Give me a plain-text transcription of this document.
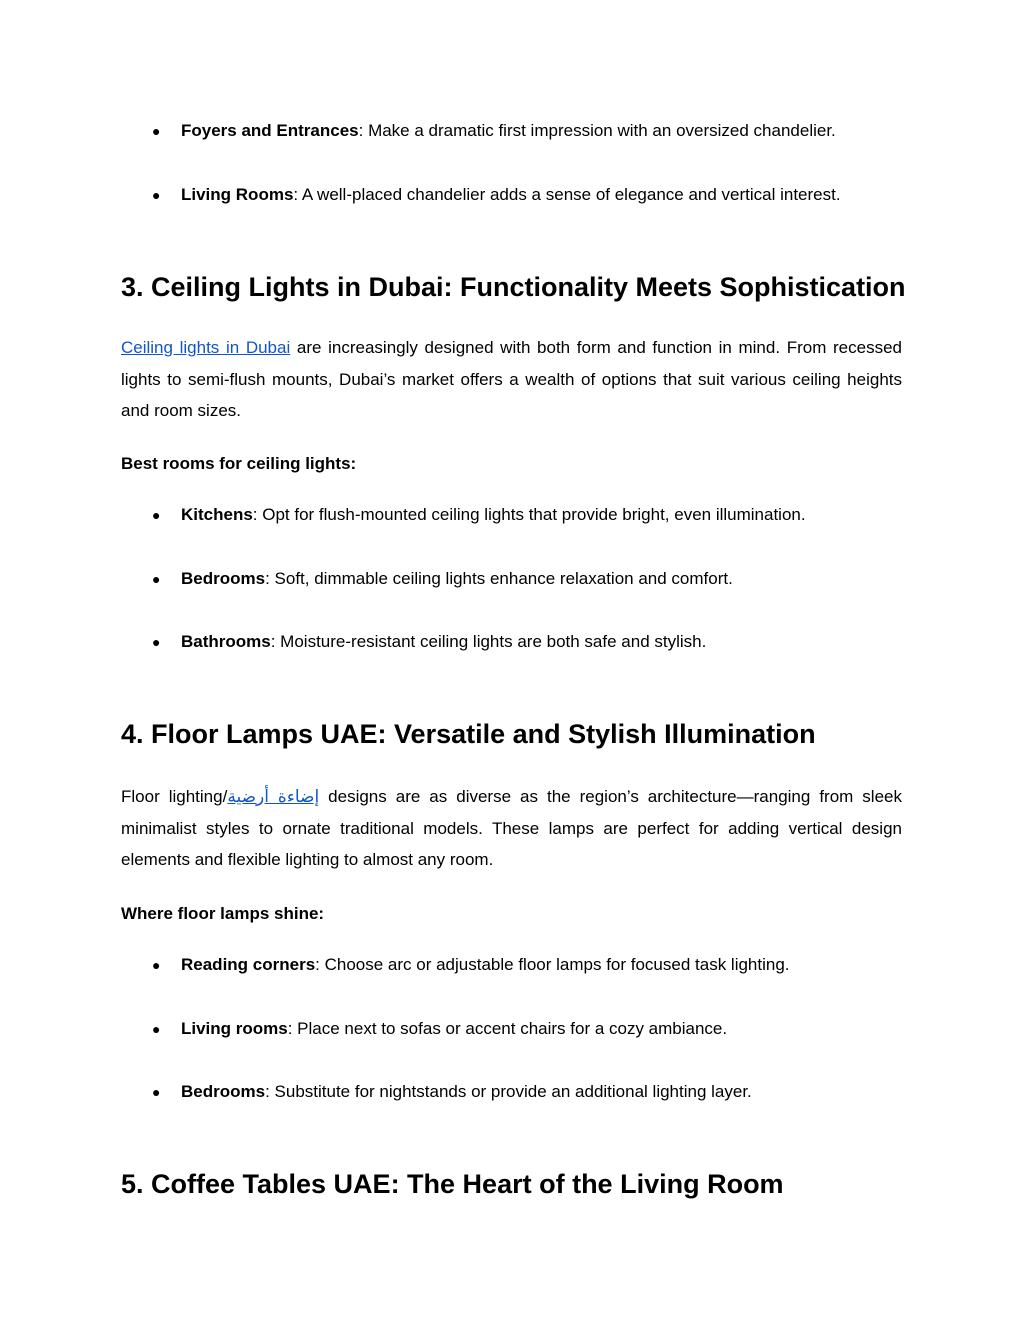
● Foyers and Entrances: Make a dramatic first impression with an oversized chandelier.
● Living Rooms: A well-placed chandelier adds a sense of elegance and vertical interest.
3. Ceiling Lights in Dubai: Functionality Meets Sophistication

Ceiling lights in Dubai are increasingly designed with both form and function in mind. From recessed lights to semi-flush mounts, Dubai’s market offers a wealth of options that suit various ceiling heights and room sizes.

Best rooms for ceiling lights:
● Kitchens: Opt for flush-mounted ceiling lights that provide bright, even illumination.
● Bedrooms: Soft, dimmable ceiling lights enhance relaxation and comfort.
● Bathrooms: Moisture-resistant ceiling lights are both safe and stylish.
4. Floor Lamps UAE: Versatile and Stylish Illumination

Floor lighting/إضاءة أرضية designs are as diverse as the region’s architecture—ranging from sleek minimalist styles to ornate traditional models. These lamps are perfect for adding vertical design elements and flexible lighting to almost any room.

Where floor lamps shine:
● Reading corners: Choose arc or adjustable floor lamps for focused task lighting.
● Living rooms: Place next to sofas or accent chairs for a cozy ambiance.
● Bedrooms: Substitute for nightstands or provide an additional lighting layer.
5. Coffee Tables UAE: The Heart of the Living Room
